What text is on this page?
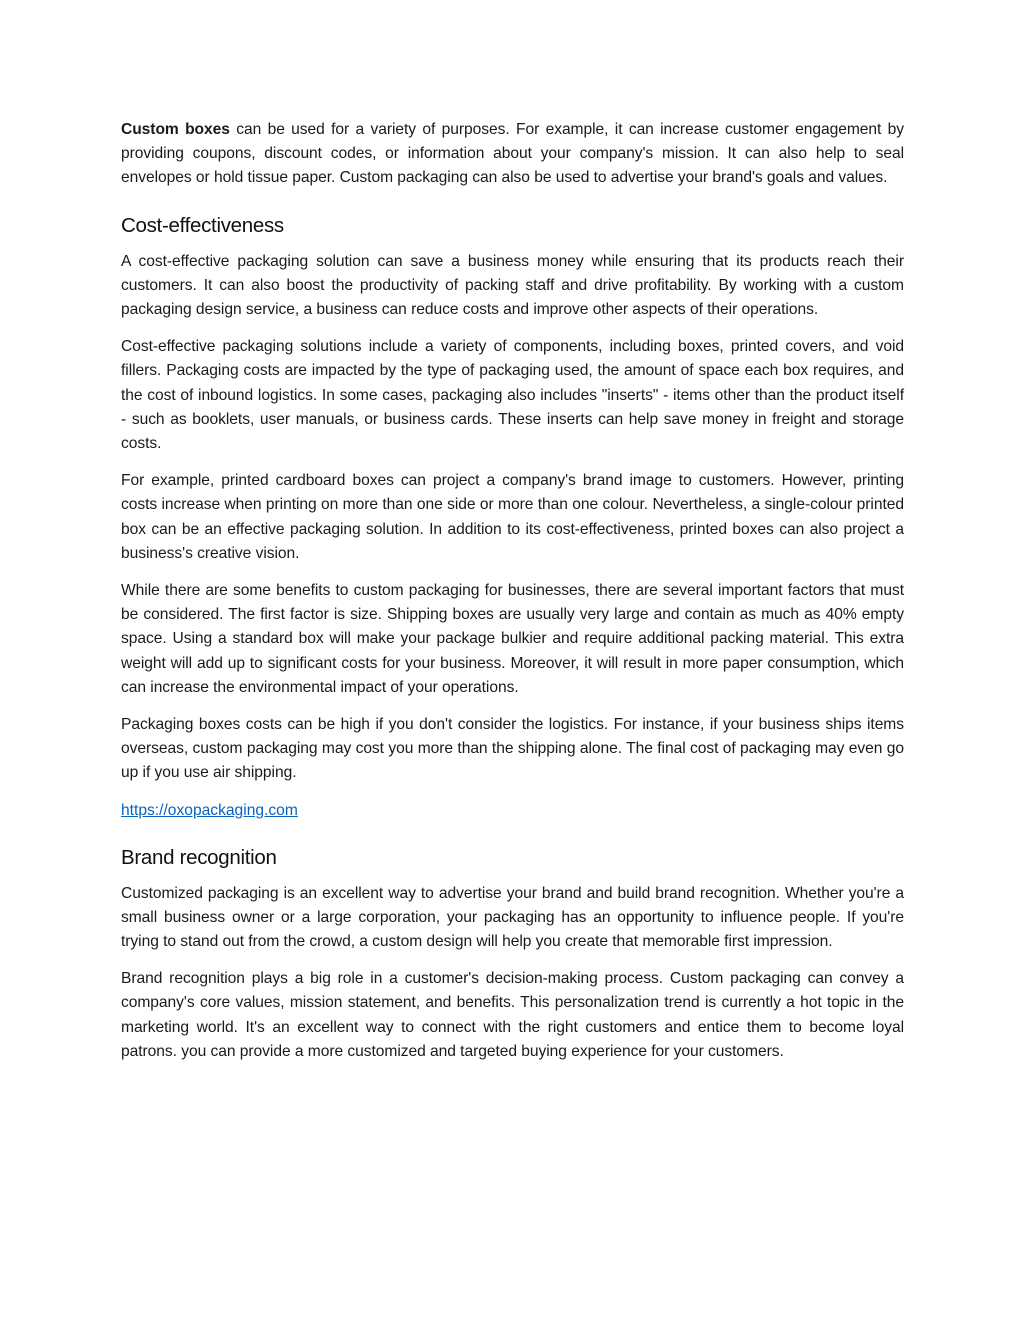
Custom boxes can be used for a variety of purposes. For example, it can increase customer engagement by providing coupons, discount codes, or information about your company's mission. It can also help to seal envelopes or hold tissue paper. Custom packaging can also be used to advertise your brand's goals and values.

Cost-effectiveness

A cost-effective packaging solution can save a business money while ensuring that its products reach their customers. It can also boost the productivity of packing staff and drive profitability. By working with a custom packaging design service, a business can reduce costs and improve other aspects of their operations.

Cost-effective packaging solutions include a variety of components, including boxes, printed covers, and void fillers. Packaging costs are impacted by the type of packaging used, the amount of space each box requires, and the cost of inbound logistics. In some cases, packaging also includes "inserts" - items other than the product itself - such as booklets, user manuals, or business cards. These inserts can help save money in freight and storage costs.

For example, printed cardboard boxes can project a company's brand image to customers. However, printing costs increase when printing on more than one side or more than one colour. Nevertheless, a single-colour printed box can be an effective packaging solution. In addition to its cost-effectiveness, printed boxes can also project a business's creative vision.

While there are some benefits to custom packaging for businesses, there are several important factors that must be considered. The first factor is size. Shipping boxes are usually very large and contain as much as 40% empty space. Using a standard box will make your package bulkier and require additional packing material. This extra weight will add up to significant costs for your business. Moreover, it will result in more paper consumption, which can increase the environmental impact of your operations.

Packaging boxes costs can be high if you don't consider the logistics. For instance, if your business ships items overseas, custom packaging may cost you more than the shipping alone. The final cost of packaging may even go up if you use air shipping.

https://oxopackaging.com

Brand recognition

Customized packaging is an excellent way to advertise your brand and build brand recognition. Whether you're a small business owner or a large corporation, your packaging has an opportunity to influence people. If you're trying to stand out from the crowd, a custom design will help you create that memorable first impression.

Brand recognition plays a big role in a customer's decision-making process. Custom packaging can convey a company's core values, mission statement, and benefits. This personalization trend is currently a hot topic in the marketing world. It's an excellent way to connect with the right customers and entice them to become loyal patrons. you can provide a more customized and targeted buying experience for your customers.
